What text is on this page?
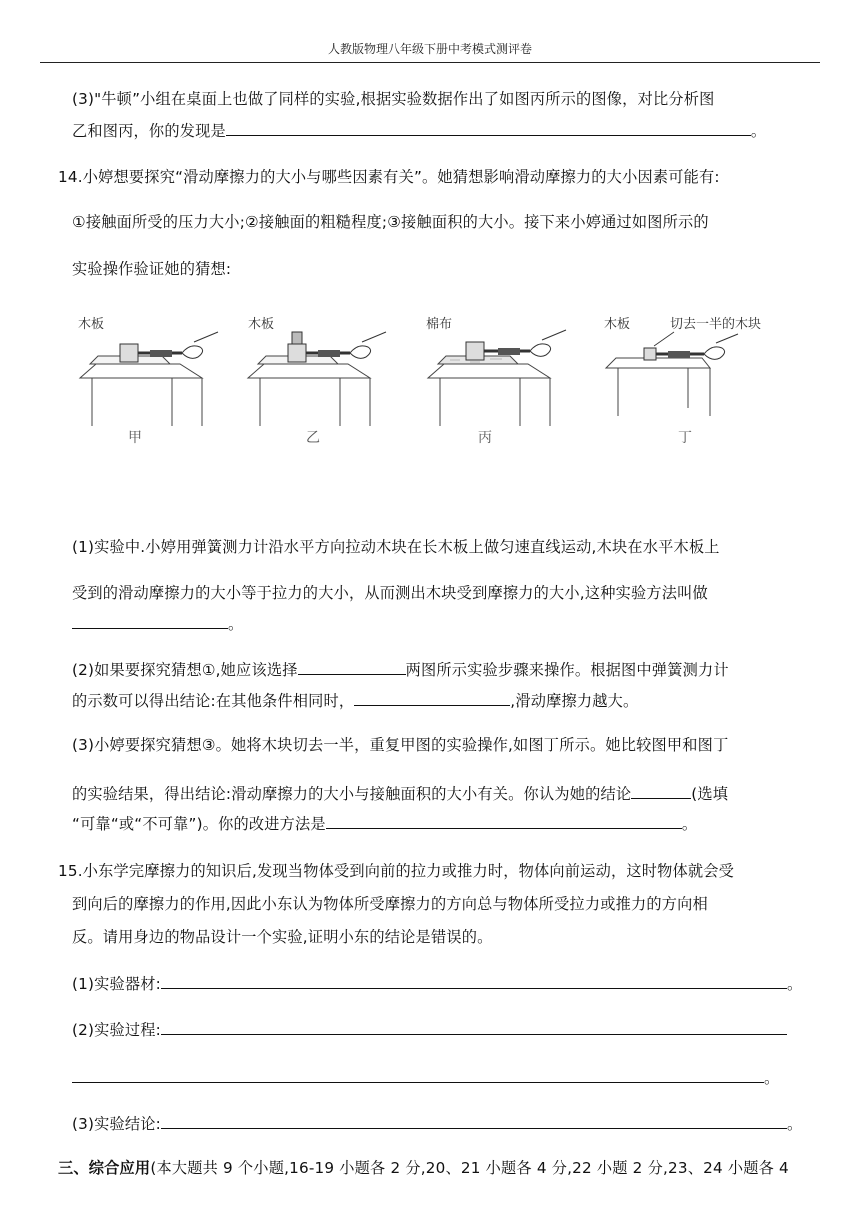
人教版物理八年级下册中考模式测评卷
(3)"牛顿”小组在桌面上也做了同样的实验,根据实验数据作出了如图丙所示的图像，对比分析图
乙和图丙，你的发现是	。
14.小婷想要探究“滑动摩擦力的大小与哪些因素有关”。她猜想影响滑动摩擦力的大小因素可能有:
①接触面所受的压力大小;②接触面的粗糙程度;③接触面积的大小。接下来小婷通过如图所示的
实验操作验证她的猜想:
木板
甲
木板
乙
棉布
丙
木板	切去一半的木块
丁
(1)实验中.小婷用弹簧测力计沿水平方向拉动木块在长木板上做匀速直线运动,木块在水平木板上
受到的滑动摩擦力的大小等于拉力的大小，从而测出木块受到摩擦力的大小,这种实验方法叫做
。
(2)如果要探究猜想①,她应该选择	两图所示实验步骤来操作。根据图中弹簧测力计
的示数可以得出结论:在其他条件相同时，	,滑动摩擦力越大。
(3)小婷要探究猜想③。她将木块切去一半，重复甲图的实验操作,如图丁所示。她比较图甲和图丁
的实验结果，得出结论:滑动摩擦力的大小与接触面积的大小有关。你认为她的结论	(选填
“可靠“或“不可靠”)。你的改进方法是	。
15.小东学完摩擦力的知识后,发现当物体受到向前的拉力或推力时，物体向前运动，这时物体就会受
到向后的摩擦力的作用,因此小东认为物体所受摩擦力的方向总与物体所受拉力或推力的方向相
反。请用身边的物品设计一个实验,证明小东的结论是错误的。
(1)实验器材:	。
(2)实验过程:
。
(3)实验结论:	。
三、综合应用(本大题共 9 个小题,16-19 小题各 2 分,20、21 小题各 4 分,22 小题 2 分,23、24 小题各 4
